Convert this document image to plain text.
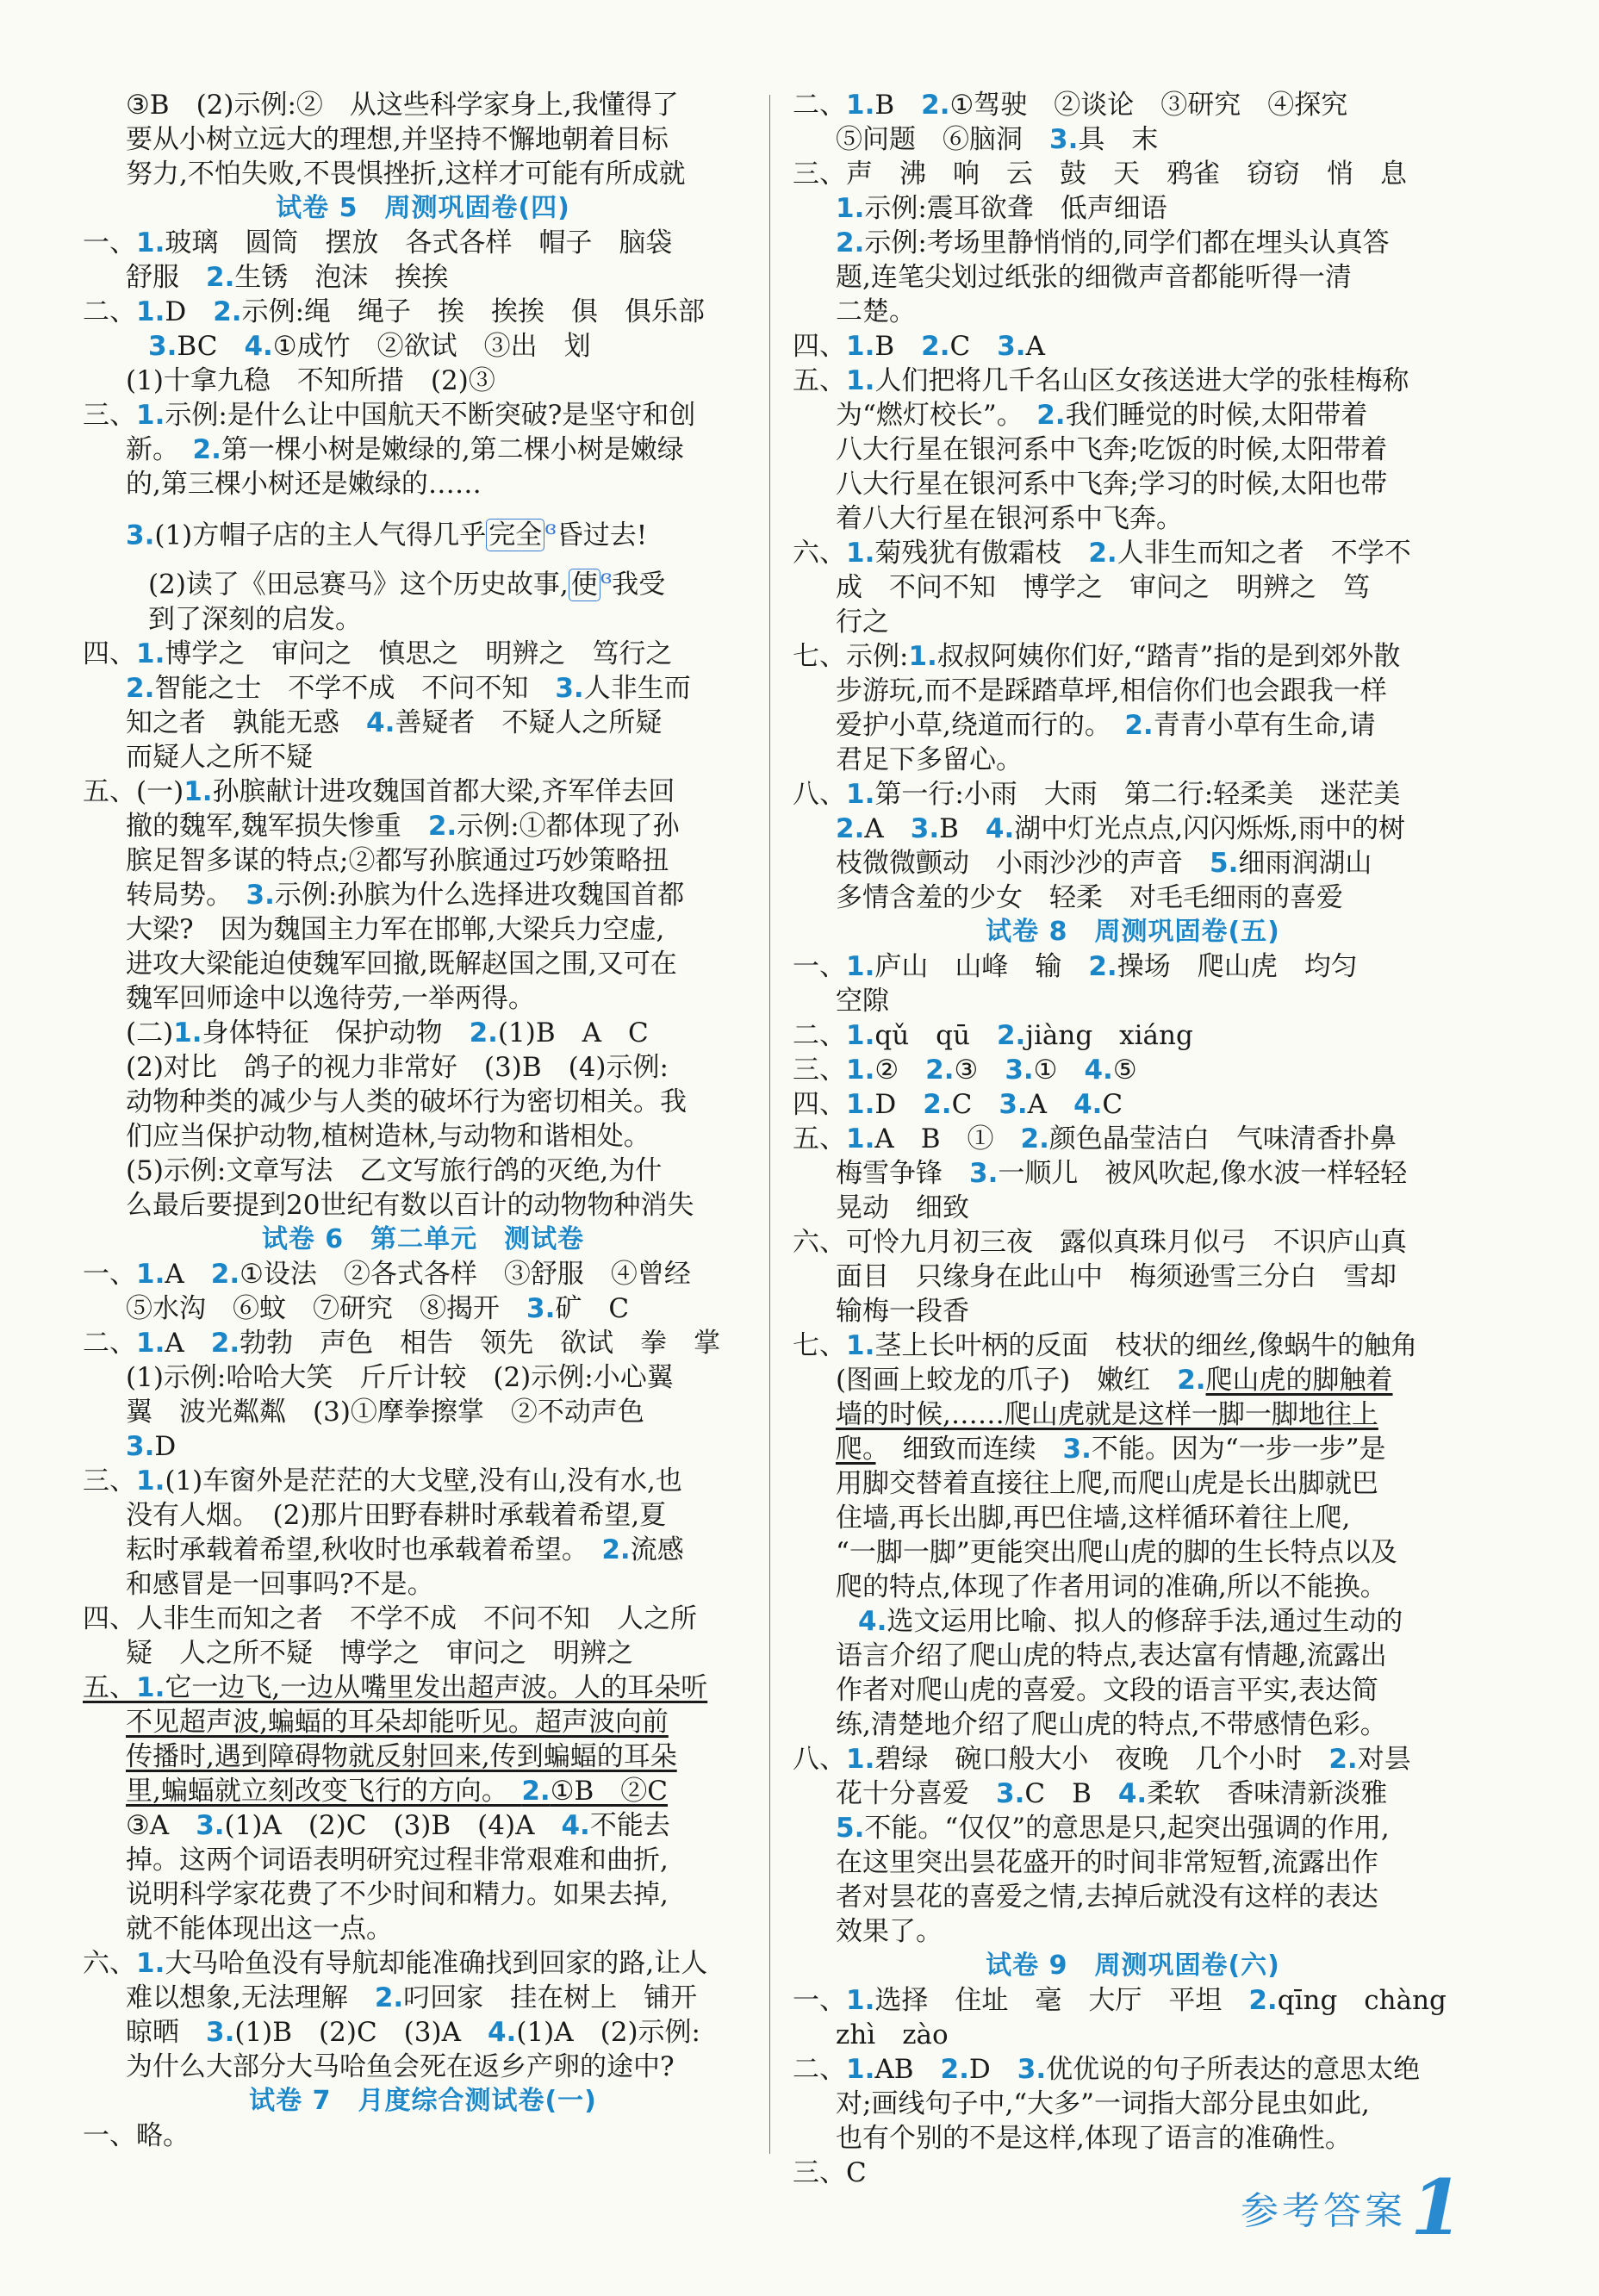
③B　(2)示例:②　从这些科学家身上,我懂得了
要从小树立远大的理想,并坚持不懈地朝着目标
努力,不怕失败,不畏惧挫折,这样才可能有所成就
试卷 5　周测巩固卷(四)
一、1.玻璃　圆筒　摆放　各式各样　帽子　脑袋
舒服　2.生锈　泡沫　挨挨
二、1.D　2.示例:绳　绳子　挨　挨挨　俱　俱乐部
3.BC　4.①成竹　②欲试　③出　划
(1)十拿九稳　不知所措　(2)③
三、1.示例:是什么让中国航天不断突破?是坚守和创
新。　2.第一棵小树是嫩绿的,第二棵小树是嫩绿
的,第三棵小树还是嫩绿的……
3.(1)方帽子店的主人气得几乎完全 $^ɞ$昏过去!
(2)读了《田忌赛马》这个历史故事,使 $^ɞ$我受
到了深刻的启发。
四、1.博学之　审问之　慎思之　明辨之　笃行之
2.智能之士　不学不成　不问不知　3.人非生而
知之者　孰能无惑　4.善疑者　不疑人之所疑
而疑人之所不疑
五、(一)1.孙膑献计进攻魏国首都大梁,齐军佯去回
撤的魏军,魏军损失惨重　2.示例:①都体现了孙
膑足智多谋的特点;②都写孙膑通过巧妙策略扭
转局势。　3.示例:孙膑为什么选择进攻魏国首都
大梁?　因为魏国主力军在邯郸,大梁兵力空虚,
进攻大梁能迫使魏军回撤,既解赵国之围,又可在
魏军回师途中以逸待劳,一举两得。
(二)1.身体特征　保护动物　2.(1)B　A　C
(2)对比　鸽子的视力非常好　(3)B　(4)示例:
动物种类的减少与人类的破坏行为密切相关。我
们应当保护动物,植树造林,与动物和谐相处。
(5)示例:文章写法　乙文写旅行鸽的灭绝,为什
么最后要提到20世纪有数以百计的动物物种消失
试卷 6　第二单元　测试卷
一、1.A　2.①设法　②各式各样　③舒服　④曾经
⑤水沟　⑥蚊　⑦研究　⑧揭开　3.矿　C
二、1.A　2.勃勃　声色　相告　领先　欲试　拳　掌
(1)示例:哈哈大笑　斤斤计较　(2)示例:小心翼
翼　波光粼粼　(3)①摩拳擦掌　②不动声色
3.D
三、1.(1)车窗外是茫茫的大戈壁,没有山,没有水,也
没有人烟。　(2)那片田野春耕时承载着希望,夏
耘时承载着希望,秋收时也承载着希望。　2.流感
和感冒是一回事吗?不是。
四、人非生而知之者　不学不成　不问不知　人之所
疑　人之所不疑　博学之　审问之　明辨之
五、1.它一边飞,一边从嘴里发出超声波。人的耳朵听
不见超声波,蝙蝠的耳朵却能听见。超声波向前
传播时,遇到障碍物就反射回来,传到蝙蝠的耳朵
里,蝙蝠就立刻改变飞行的方向。　2.①B　②C
③A　3.(1)A　(2)C　(3)B　(4)A　4.不能去
掉。这两个词语表明研究过程非常艰难和曲折,
说明科学家花费了不少时间和精力。如果去掉,
就不能体现出这一点。
六、1.大马哈鱼没有导航却能准确找到回家的路,让人
难以想象,无法理解　2.叼回家　挂在树上　铺开
晾晒　3.(1)B　(2)C　(3)A　4.(1)A　(2)示例:
为什么大部分大马哈鱼会死在返乡产卵的途中?
试卷 7　月度综合测试卷(一)
一、略。
二、1.B　2.①驾驶　②谈论　③研究　④探究
⑤问题　⑥脑洞　3.具　末
三、声　沸　响　云　鼓　天　鸦雀　窃窃　悄　息
1.示例:震耳欲聋　低声细语
2.示例:考场里静悄悄的,同学们都在埋头认真答
题,连笔尖划过纸张的细微声音都能听得一清
二楚。
四、1.B　2.C　3.A
五、1.人们把将几千名山区女孩送进大学的张桂梅称
为“燃灯校长”。　2.我们睡觉的时候,太阳带着
八大行星在银河系中飞奔;吃饭的时候,太阳带着
八大行星在银河系中飞奔;学习的时候,太阳也带
着八大行星在银河系中飞奔。
六、1.菊残犹有傲霜枝　2.人非生而知之者　不学不
成　不问不知　博学之　审问之　明辨之　笃
行之
七、示例:1.叔叔阿姨你们好,“踏青”指的是到郊外散
步游玩,而不是踩踏草坪,相信你们也会跟我一样
爱护小草,绕道而行的。　2.青青小草有生命,请
君足下多留心。
八、1.第一行:小雨　大雨　第二行:轻柔美　迷茫美
2.A　3.B　4.湖中灯光点点,闪闪烁烁,雨中的树
枝微微颤动　小雨沙沙的声音　5.细雨润湖山
多情含羞的少女　轻柔　对毛毛细雨的喜爱
试卷 8　周测巩固卷(五)
一、1.庐山　山峰　输　2.操场　爬山虎　均匀
空隙
二、1.qǔ　qū　2.jiàng　xiáng
三、1.②　2.③　3.①　4.⑤
四、1.D　2.C　3.A　4.C
五、1.A　B　①　2.颜色晶莹洁白　气味清香扑鼻
梅雪争锋　3.一顺儿　被风吹起,像水波一样轻轻
晃动　细致
六、可怜九月初三夜　露似真珠月似弓　不识庐山真
面目　只缘身在此山中　梅须逊雪三分白　雪却
输梅一段香
七、1.茎上长叶柄的反面　枝状的细丝,像蜗牛的触角
(图画上蛟龙的爪子)　嫩红　2.爬山虎的脚触着
墙的时候,……爬山虎就是这样一脚一脚地往上
爬。　细致而连续　3.不能。因为“一步一步”是
用脚交替着直接往上爬,而爬山虎是长出脚就巴
住墙,再长出脚,再巴住墙,这样循环着往上爬,
“一脚一脚”更能突出爬山虎的脚的生长特点以及
爬的特点,体现了作者用词的准确,所以不能换。
4.选文运用比喻、拟人的修辞手法,通过生动的
语言介绍了爬山虎的特点,表达富有情趣,流露出
作者对爬山虎的喜爱。文段的语言平实,表达简
练,清楚地介绍了爬山虎的特点,不带感情色彩。
八、1.碧绿　碗口般大小　夜晚　几个小时　2.对昙
花十分喜爱　3.C　B　4.柔软　香味清新淡雅
5.不能。“仅仅”的意思是只,起突出强调的作用,
在这里突出昙花盛开的时间非常短暂,流露出作
者对昙花的喜爱之情,去掉后就没有这样的表达
效果了。
试卷 9　周测巩固卷(六)
一、1.选择　住址　毫　大厅　平坦　2.qīng　chàng
zhì　zào
二、1.AB　2.D　3.优优说的句子所表达的意思太绝
对;画线句子中,“大多”一词指大部分昆虫如此,
也有个别的不是这样,体现了语言的准确性。
三、C
参考答案 1
